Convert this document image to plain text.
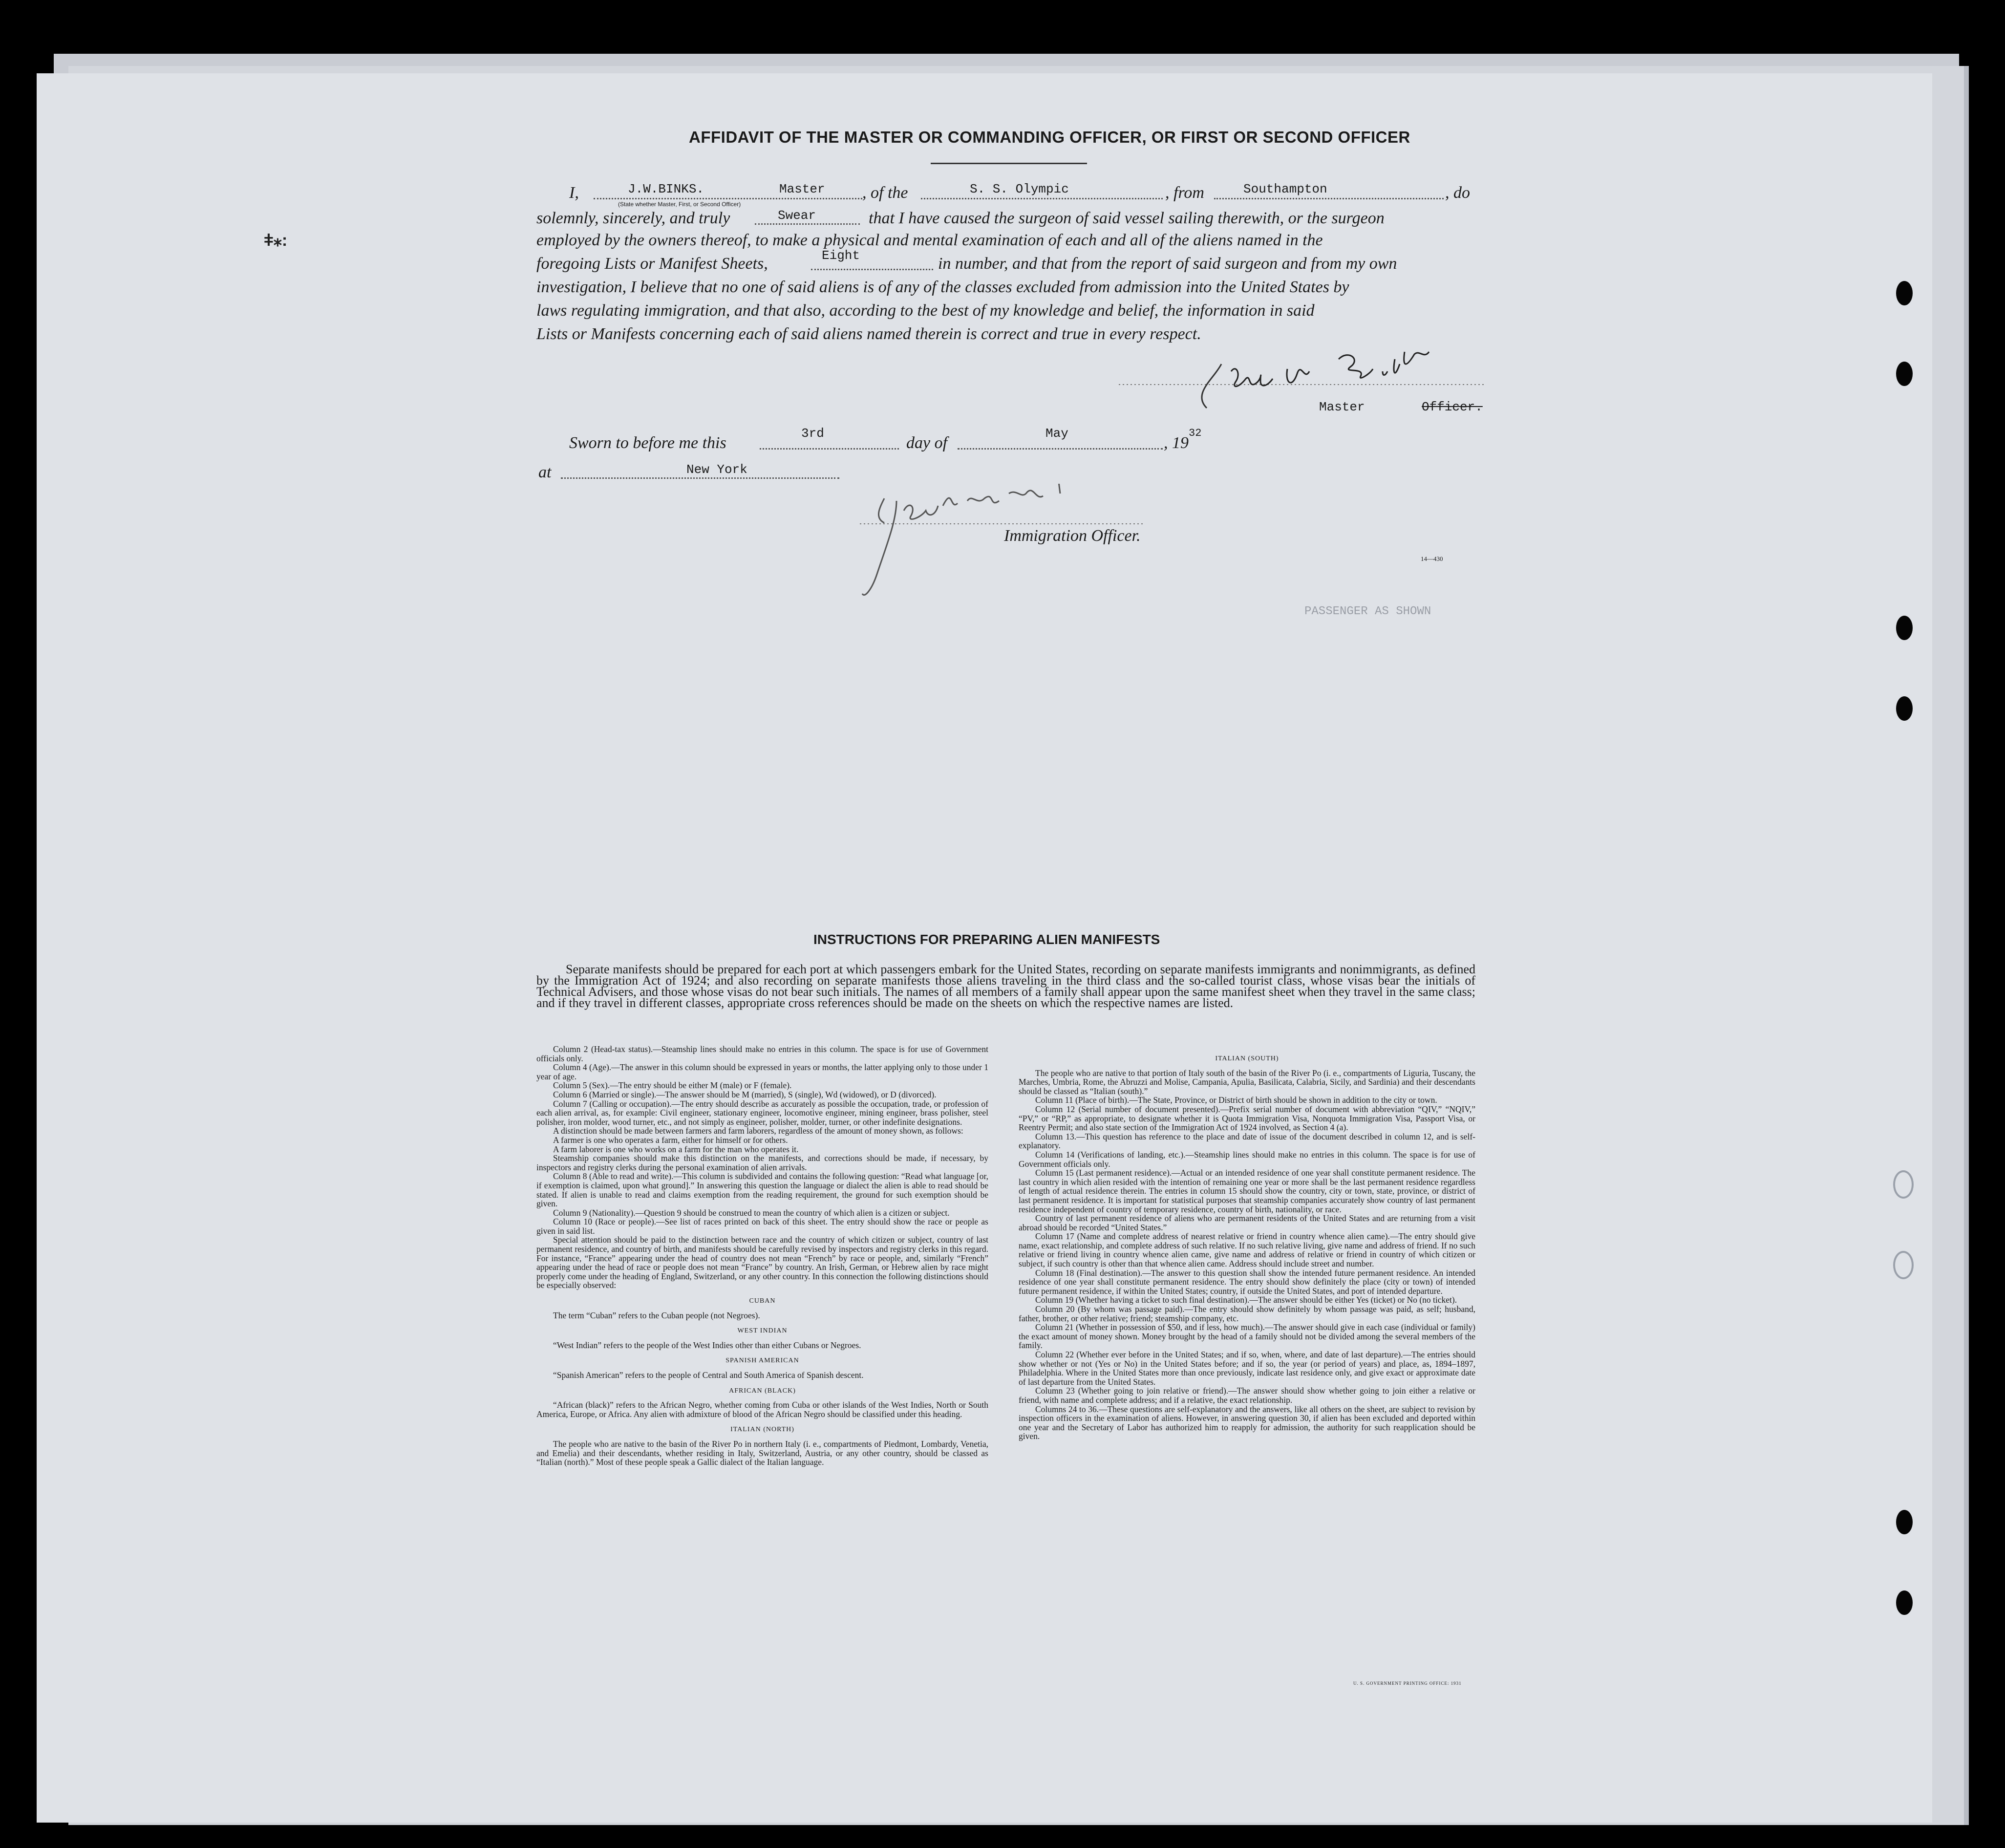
ǂ⁎:
PASSENGER AS SHOWN
AFFIDAVIT OF THE MASTER OR COMMANDING OFFICER, OR FIRST OR SECOND OFFICER
I,	J.W.BINKS.	Master
(State whether Master, First, or Second Officer)
, of the	S. S. Olympic	, from	Southampton	, do
solemnly, sincerely, and truly	Swear	that I have caused the surgeon of said vessel sailing therewith, or the surgeon
employed by the owners thereof, to make a physical and mental examination of each and all of the aliens named in the
foregoing Lists or Manifest Sheets,	Eight	in number, and that from the report of said surgeon and from my own
investigation, I believe that no one of said aliens is of any of the classes excluded from admission into the United States by
laws regulating immigration, and that also, according to the best of my knowledge and belief, the information in said
Lists or Manifests concerning each of said aliens named therein is correct and true in every respect.
Master	Officer.
Sworn to before me this
3rd
day of
May
, 19
32
at	New York
Immigration Officer.
14—430
INSTRUCTIONS FOR PREPARING ALIEN MANIFESTS
Separate manifests should be prepared for each port at which passengers embark for the United States, recording on separate manifests immigrants and nonimmigrants, as defined by the Immigration Act of 1924; and also recording on separate manifests those aliens traveling in the third class and the so-called tourist class, whose visas bear the initials of Technical Advisers, and those whose visas do not bear such initials. The names of all members of a family shall appear upon the same manifest sheet when they travel in the same class; and if they travel in different classes, appropriate cross references should be made on the sheets on which the respective names are listed.

Column 2 (Head-tax status).—Steamship lines should make no entries in this column. The space is for use of Government officials only.

Column 4 (Age).—The answer in this column should be expressed in years or months, the latter applying only to those under 1 year of age.

Column 5 (Sex).—The entry should be either M (male) or F (female).

Column 6 (Married or single).—The answer should be M (married), S (single), Wd (widowed), or D (divorced).

Column 7 (Calling or occupation).—The entry should describe as accurately as possible the occupation, trade, or profession of each alien arrival, as, for example: Civil engineer, stationary engineer, locomotive engineer, mining engineer, brass polisher, steel polisher, iron molder, wood turner, etc., and not simply as engineer, polisher, molder, turner, or other indefinite designations.

A distinction should be made between farmers and farm laborers, regardless of the amount of money shown, as follows:

A farmer is one who operates a farm, either for himself or for others.

A farm laborer is one who works on a farm for the man who operates it.

Steamship companies should make this distinction on the manifests, and corrections should be made, if necessary, by inspectors and registry clerks during the personal examination of alien arrivals.

Column 8 (Able to read and write).—This column is subdivided and contains the following question: “Read what language [or, if exemption is claimed, upon what ground].” In answering this question the language or dialect the alien is able to read should be stated. If alien is unable to read and claims exemption from the reading requirement, the ground for such exemption should be given.

Column 9 (Nationality).—Question 9 should be construed to mean the country of which alien is a citizen or subject.

Column 10 (Race or people).—See list of races printed on back of this sheet. The entry should show the race or people as given in said list.

Special attention should be paid to the distinction between race and the country of which citizen or subject, country of last permanent residence, and country of birth, and manifests should be carefully revised by inspectors and registry clerks in this regard. For instance, “France” appearing under the head of country does not mean “French” by race or people, and, similarly “French” appearing under the head of race or people does not mean “France” by country. An Irish, German, or Hebrew alien by race might properly come under the heading of England, Switzerland, or any other country. In this connection the following distinctions should be especially observed:

CUBAN

The term “Cuban” refers to the Cuban people (not Negroes).

WEST INDIAN

“West Indian” refers to the people of the West Indies other than either Cubans or Negroes.

SPANISH AMERICAN

“Spanish American” refers to the people of Central and South America of Spanish descent.

AFRICAN (BLACK)

“African (black)” refers to the African Negro, whether coming from Cuba or other islands of the West Indies, North or South America, Europe, or Africa. Any alien with admixture of blood of the African Negro should be classified under this heading.

ITALIAN (NORTH)

The people who are native to the basin of the River Po in northern Italy (i. e., compartments of Piedmont, Lombardy, Venetia, and Emelia) and their descendants, whether residing in Italy, Switzerland, Austria, or any other country, should be classed as “Italian (north).” Most of these people speak a Gallic dialect of the Italian language.

ITALIAN (SOUTH)

The people who are native to that portion of Italy south of the basin of the River Po (i. e., compartments of Liguria, Tuscany, the Marches, Umbria, Rome, the Abruzzi and Molise, Campania, Apulia, Basilicata, Calabria, Sicily, and Sardinia) and their descendants should be classed as “Italian (south).”

Column 11 (Place of birth).—The State, Province, or District of birth should be shown in addition to the city or town.

Column 12 (Serial number of document presented).—Prefix serial number of document with abbreviation “QIV,” “NQIV,” “PV,” or “RP,” as appropriate, to designate whether it is Quota Immigration Visa, Nonquota Immigration Visa, Passport Visa, or Reentry Permit; and also state section of the Immigration Act of 1924 involved, as Section 4 (a).

Column 13.—This question has reference to the place and date of issue of the document described in column 12, and is self-explanatory.

Column 14 (Verifications of landing, etc.).—Steamship lines should make no entries in this column. The space is for use of Government officials only.

Column 15 (Last permanent residence).—Actual or an intended residence of one year shall constitute permanent residence. The last country in which alien resided with the intention of remaining one year or more shall be the last permanent residence regardless of length of actual residence therein. The entries in column 15 should show the country, city or town, state, province, or district of last permanent residence. It is important for statistical purposes that steamship companies accurately show country of last permanent residence independent of country of temporary residence, country of birth, nationality, or race.

Country of last permanent residence of aliens who are permanent residents of the United States and are returning from a visit abroad should be recorded “United States.”

Column 17 (Name and complete address of nearest relative or friend in country whence alien came).—The entry should give name, exact relationship, and complete address of such relative. If no such relative living, give name and address of friend. If no such relative or friend living in country whence alien came, give name and address of relative or friend in country of which citizen or subject, if such country is other than that whence alien came. Address should include street and number.

Column 18 (Final destination).—The answer to this question shall show the intended future permanent residence. An intended residence of one year shall constitute permanent residence. The entry should show definitely the place (city or town) of intended future permanent residence, if within the United States; country, if outside the United States, and port of intended departure.

Column 19 (Whether having a ticket to such final destination).—The answer should be either Yes (ticket) or No (no ticket).

Column 20 (By whom was passage paid).—The entry should show definitely by whom passage was paid, as self; husband, father, brother, or other relative; friend; steamship company, etc.

Column 21 (Whether in possession of $50, and if less, how much).—The answer should give in each case (individual or family) the exact amount of money shown. Money brought by the head of a family should not be divided among the several members of the family.

Column 22 (Whether ever before in the United States; and if so, when, where, and date of last departure).—The entries should show whether or not (Yes or No) in the United States before; and if so, the year (or period of years) and place, as, 1894–1897, Philadelphia. Where in the United States more than once previously, indicate last residence only, and give exact or approximate date of last departure from the United States.

Column 23 (Whether going to join relative or friend).—The answer should show whether going to join either a relative or friend, with name and complete address; and if a relative, the exact relationship.

Columns 24 to 36.—These questions are self-explanatory and the answers, like all others on the sheet, are subject to revision by inspection officers in the examination of aliens. However, in answering question 30, if alien has been excluded and deported within one year and the Secretary of Labor has authorized him to reapply for admission, the authority for such reapplication should be given.

U. S. GOVERNMENT PRINTING OFFICE: 1931
